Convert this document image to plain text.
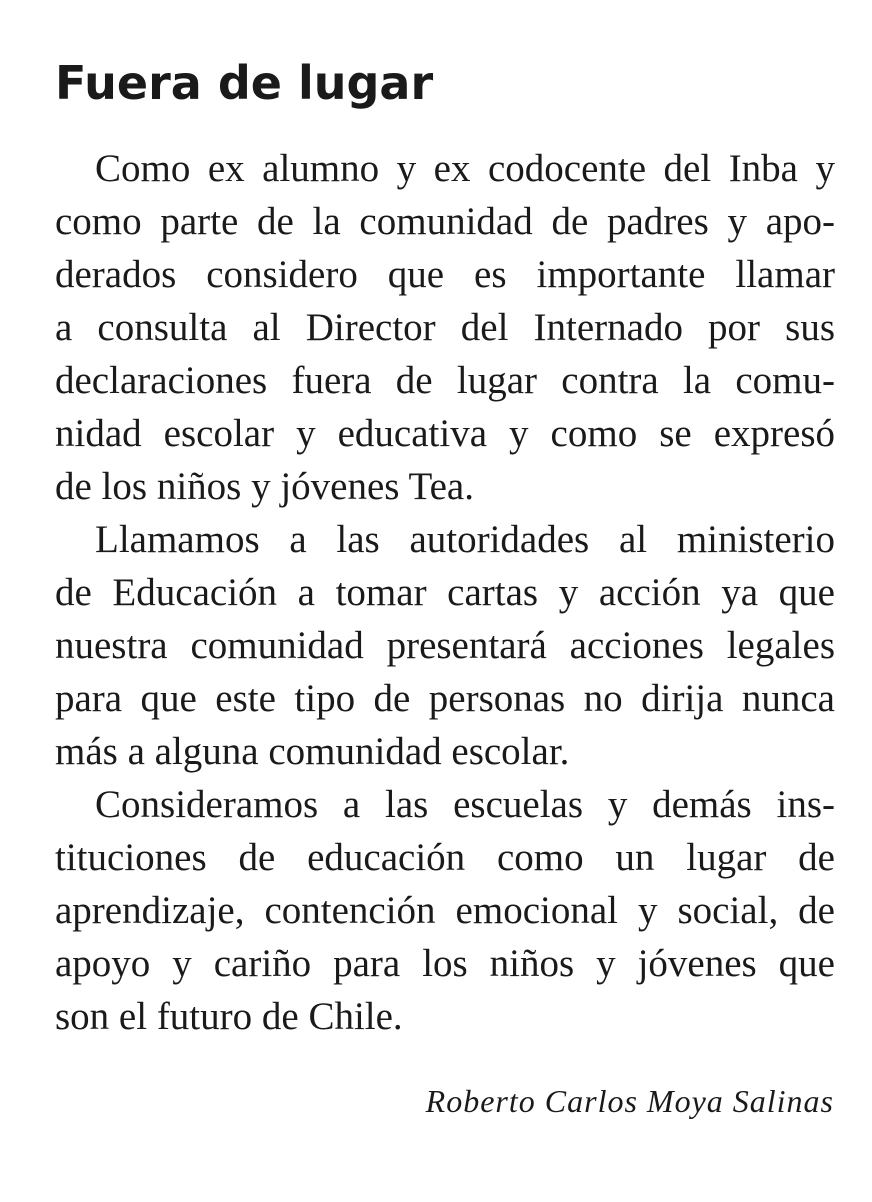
Fuera de lugar
Como ex alumno y ex codocente del Inba y
como parte de la comunidad de padres y apo-
derados considero que es importante llamar
a consulta al Director del Internado por sus
declaraciones fuera de lugar contra la comu-
nidad escolar y educativa y como se expresó
de los niños y jóvenes Tea.
Llamamos a las autoridades al ministerio
de Educación a tomar cartas y acción ya que
nuestra comunidad presentará acciones legales
para que este tipo de personas no dirija nunca
más a alguna comunidad escolar.
Consideramos a las escuelas y demás ins-
tituciones de educación como un lugar de
aprendizaje, contención emocional y social, de
apoyo y cariño para los niños y jóvenes que
son el futuro de Chile.
Roberto Carlos Moya Salinas
